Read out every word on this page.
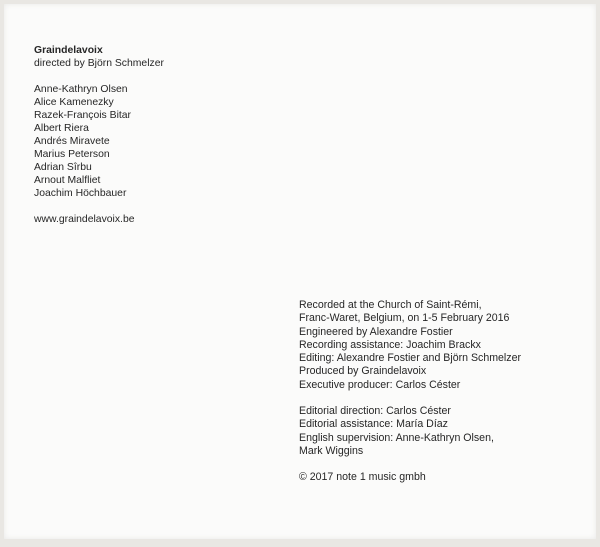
Graindelavoix
directed by Björn Schmelzer
Anne-Kathryn Olsen
Alice Kamenezky
Razek-François Bitar
Albert Riera
Andrés Miravete
Marius Peterson
Adrian Sîrbu
Arnout Malfliet
Joachim Höchbauer
www.graindelavoix.be
Recorded at the Church of Saint-Rémi,
Franc-Waret, Belgium, on 1-5 February 2016
Engineered by Alexandre Fostier
Recording assistance: Joachim Brackx
Editing: Alexandre Fostier and Björn Schmelzer
Produced by Graindelavoix
Executive producer: Carlos Céster
Editorial direction: Carlos Céster
Editorial assistance: María Díaz
English supervision: Anne-Kathryn Olsen,
Mark Wiggins
© 2017 note 1 music gmbh
